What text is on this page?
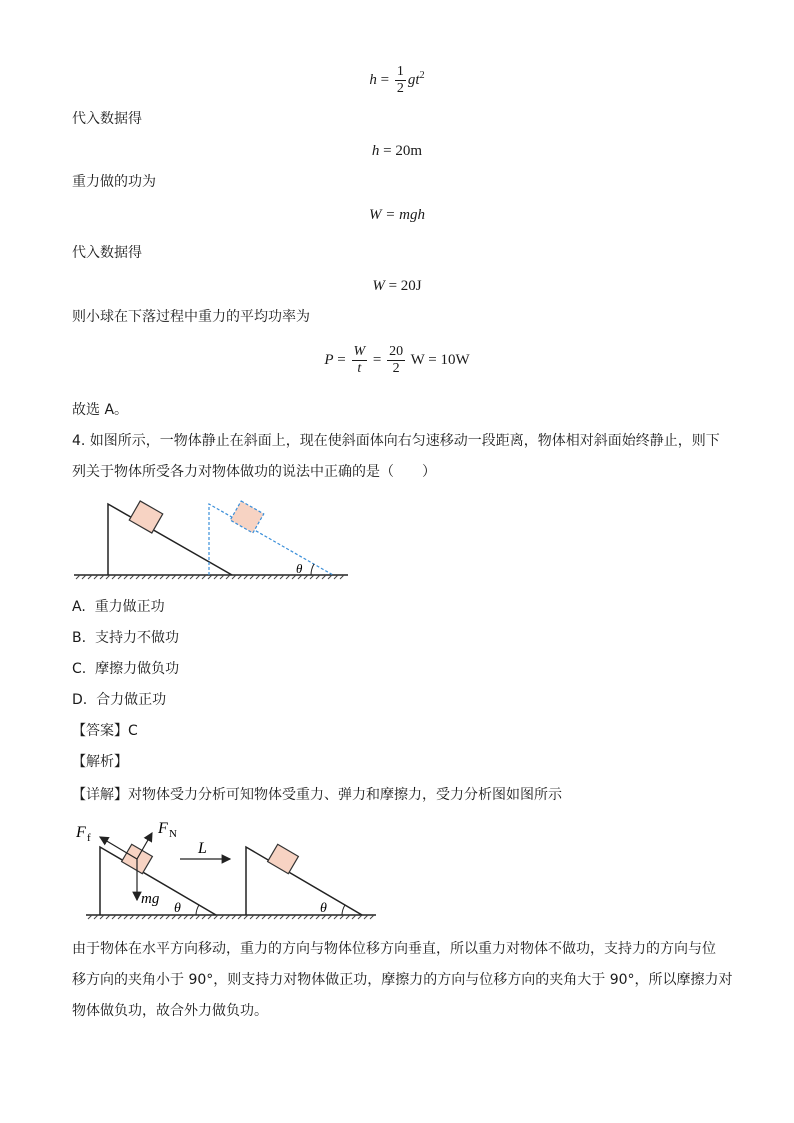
$h = \frac{1}{2} gt^2$
代入数据得
h = 20m
重力做的功为
W = mgh
代入数据得
W = 20J
则小球在下落过程中重力的平均功率为
$P = \frac{W}{t} = \frac{20}{2}$ W = 10W
故选 A。
4. 如图所示，一物体静止在斜面上，现在使斜面体向右匀速移动一段距离，物体相对斜面始终静止，则下
列关于物体所受各力对物体做功的说法中正确的是（　　）
θ
A. 重力做正功
B. 支持力不做功
C. 摩擦力做负功
D. 合力做正功
【答案】C
【解析】
【详解】对物体受力分析可知物体受重力、弹力和摩擦力，受力分析图如图所示
F f
F N
mg
θ
L
θ
由于物体在水平方向移动，重力的方向与物体位移方向垂直，所以重力对物体不做功，支持力的方向与位
移方向的夹角小于 90°，则支持力对物体做正功，摩擦力的方向与位移方向的夹角大于 90°，所以摩擦力对
物体做负功，故合外力做负功。
